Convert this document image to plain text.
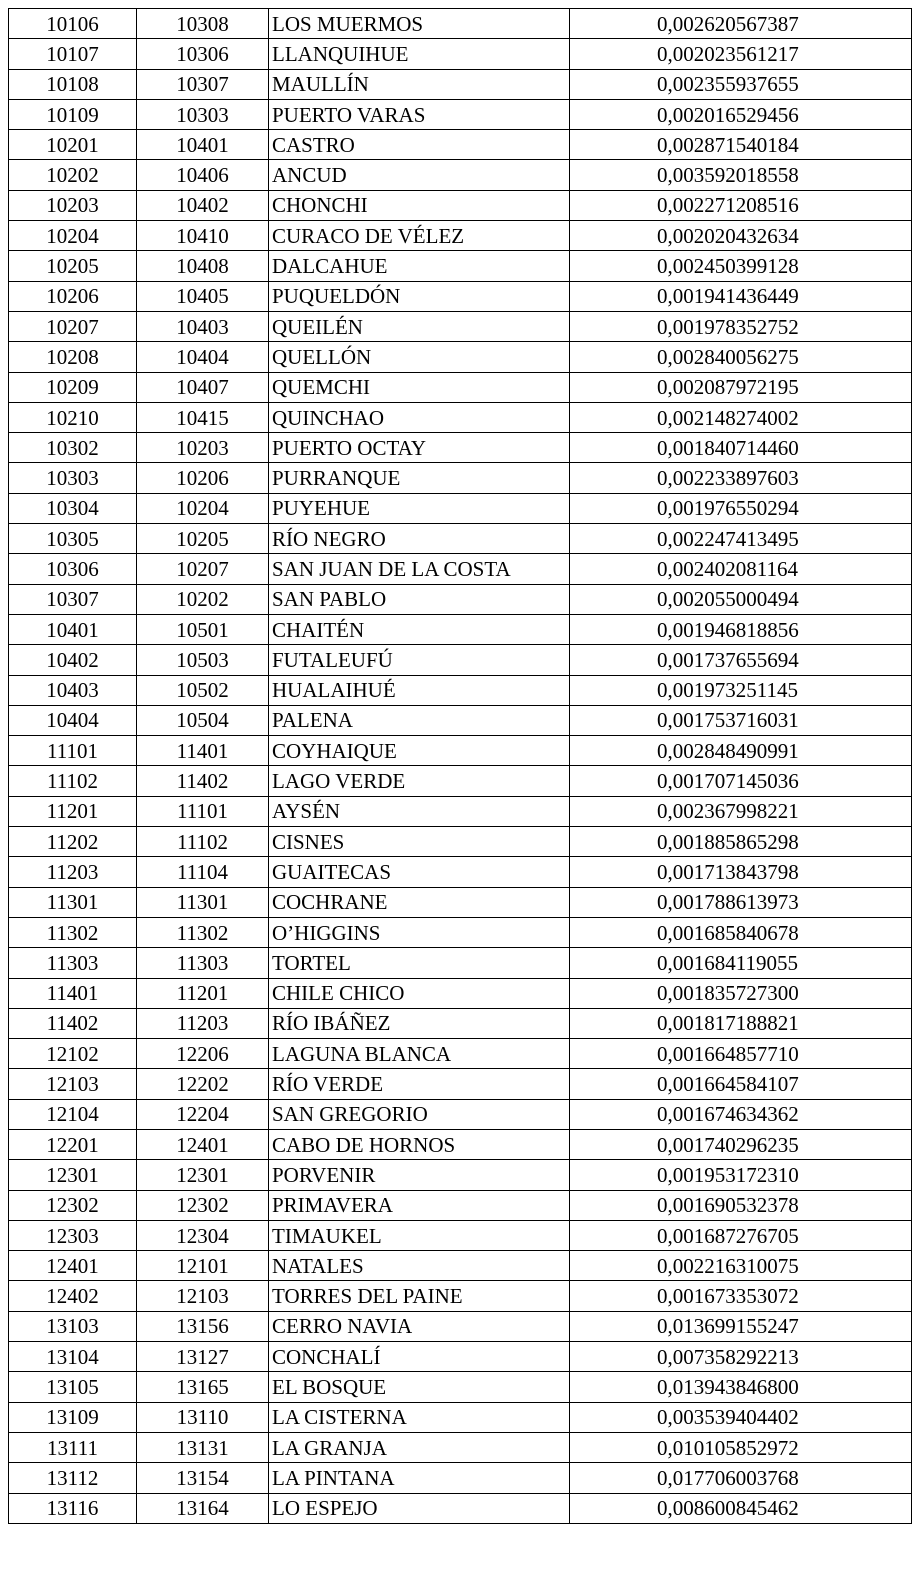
10106	10308	LOS MUERMOS	0,002620567387
10107	10306	LLANQUIHUE	0,002023561217
10108	10307	MAULLÍN	0,002355937655
10109	10303	PUERTO VARAS	0,002016529456
10201	10401	CASTRO	0,002871540184
10202	10406	ANCUD	0,003592018558
10203	10402	CHONCHI	0,002271208516
10204	10410	CURACO DE VÉLEZ	0,002020432634
10205	10408	DALCAHUE	0,002450399128
10206	10405	PUQUELDÓN	0,001941436449
10207	10403	QUEILÉN	0,001978352752
10208	10404	QUELLÓN	0,002840056275
10209	10407	QUEMCHI	0,002087972195
10210	10415	QUINCHAO	0,002148274002
10302	10203	PUERTO OCTAY	0,001840714460
10303	10206	PURRANQUE	0,002233897603
10304	10204	PUYEHUE	0,001976550294
10305	10205	RÍO NEGRO	0,002247413495
10306	10207	SAN JUAN DE LA COSTA	0,002402081164
10307	10202	SAN PABLO	0,002055000494
10401	10501	CHAITÉN	0,001946818856
10402	10503	FUTALEUFÚ	0,001737655694
10403	10502	HUALAIHUÉ	0,001973251145
10404	10504	PALENA	0,001753716031
11101	11401	COYHAIQUE	0,002848490991
11102	11402	LAGO VERDE	0,001707145036
11201	11101	AYSÉN	0,002367998221
11202	11102	CISNES	0,001885865298
11203	11104	GUAITECAS	0,001713843798
11301	11301	COCHRANE	0,001788613973
11302	11302	O’HIGGINS	0,001685840678
11303	11303	TORTEL	0,001684119055
11401	11201	CHILE CHICO	0,001835727300
11402	11203	RÍO IBÁÑEZ	0,001817188821
12102	12206	LAGUNA BLANCA	0,001664857710
12103	12202	RÍO VERDE	0,001664584107
12104	12204	SAN GREGORIO	0,001674634362
12201	12401	CABO DE HORNOS	0,001740296235
12301	12301	PORVENIR	0,001953172310
12302	12302	PRIMAVERA	0,001690532378
12303	12304	TIMAUKEL	0,001687276705
12401	12101	NATALES	0,002216310075
12402	12103	TORRES DEL PAINE	0,001673353072
13103	13156	CERRO NAVIA	0,013699155247
13104	13127	CONCHALÍ	0,007358292213
13105	13165	EL BOSQUE	0,013943846800
13109	13110	LA CISTERNA	0,003539404402
13111	13131	LA GRANJA	0,010105852972
13112	13154	LA PINTANA	0,017706003768
13116	13164	LO ESPEJO	0,008600845462
